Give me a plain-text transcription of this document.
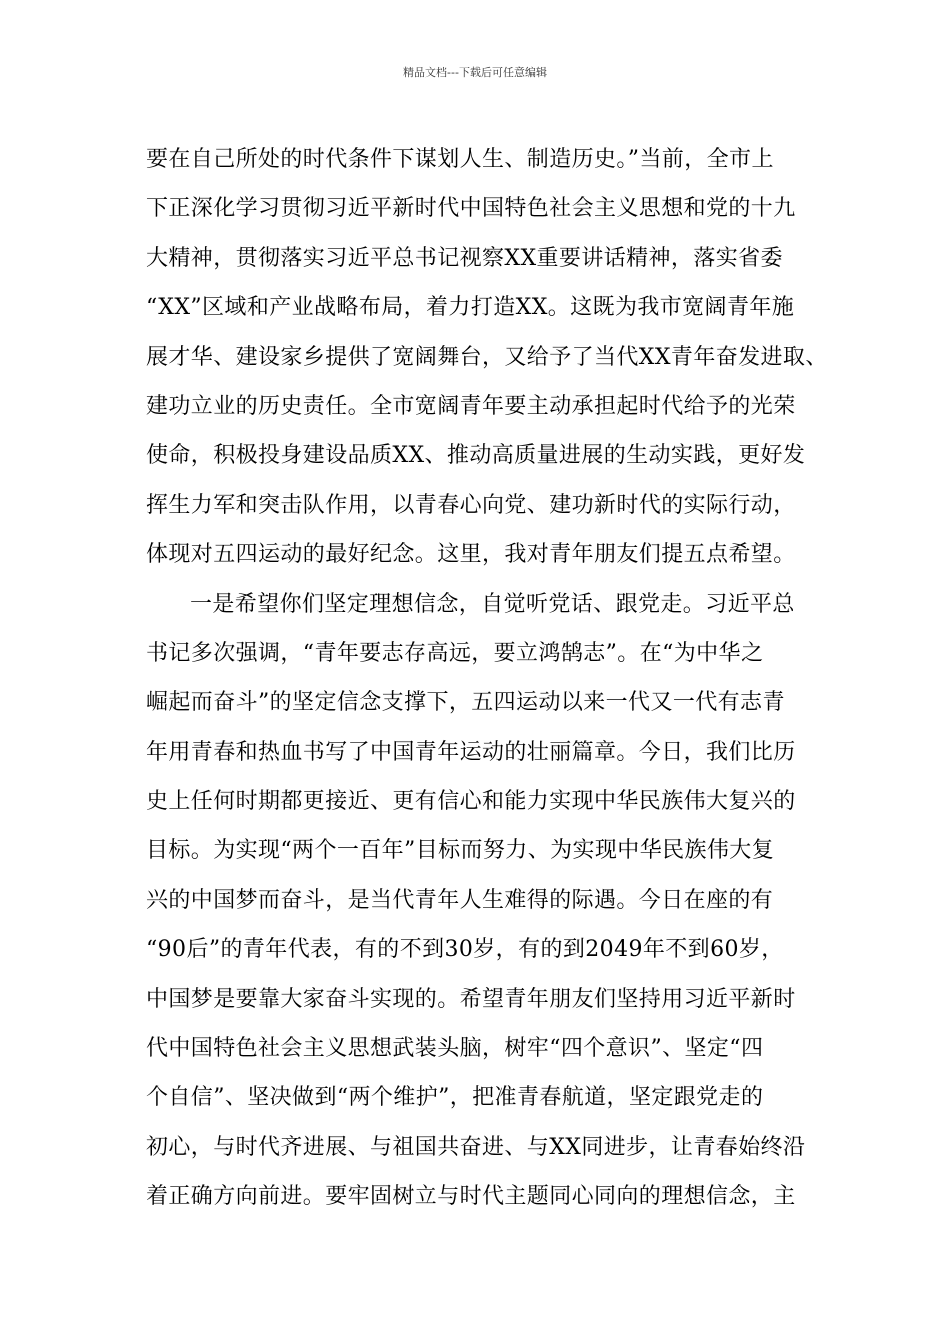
精品文档---下载后可任意编辑
要在自己所处的时代条件下谋划人生、制造历史。”当前，全市上
下正深化学习贯彻习近平新时代中国特色社会主义思想和党的十九
大精神，贯彻落实习近平总书记视察XX重要讲话精神，落实省委
“XX”区域和产业战略布局，着力打造XX。这既为我市宽阔青年施
展才华、建设家乡提供了宽阔舞台，又给予了当代XX青年奋发进取、
建功立业的历史责任。全市宽阔青年要主动承担起时代给予的光荣
使命，积极投身建设品质XX、推动高质量进展的生动实践，更好发
挥生力军和突击队作用，以青春心向党、建功新时代的实际行动，
体现对五四运动的最好纪念。这里，我对青年朋友们提五点希望。
一是希望你们坚定理想信念，自觉听党话、跟党走。习近平总
书记多次强调，“青年要志存高远，要立鸿鹄志”。在“为中华之
崛起而奋斗”的坚定信念支撑下，五四运动以来一代又一代有志青
年用青春和热血书写了中国青年运动的壮丽篇章。今日，我们比历
史上任何时期都更接近、更有信心和能力实现中华民族伟大复兴的
目标。为实现“两个一百年”目标而努力、为实现中华民族伟大复
兴的中国梦而奋斗，是当代青年人生难得的际遇。今日在座的有
“90后”的青年代表，有的不到30岁，有的到2049年不到60岁，
中国梦是要靠大家奋斗实现的。希望青年朋友们坚持用习近平新时
代中国特色社会主义思想武装头脑，树牢“四个意识”、坚定“四
个自信”、坚决做到“两个维护”，把准青春航道，坚定跟党走的
初心，与时代齐进展、与祖国共奋进、与XX同进步，让青春始终沿
着正确方向前进。要牢固树立与时代主题同心同向的理想信念，主
